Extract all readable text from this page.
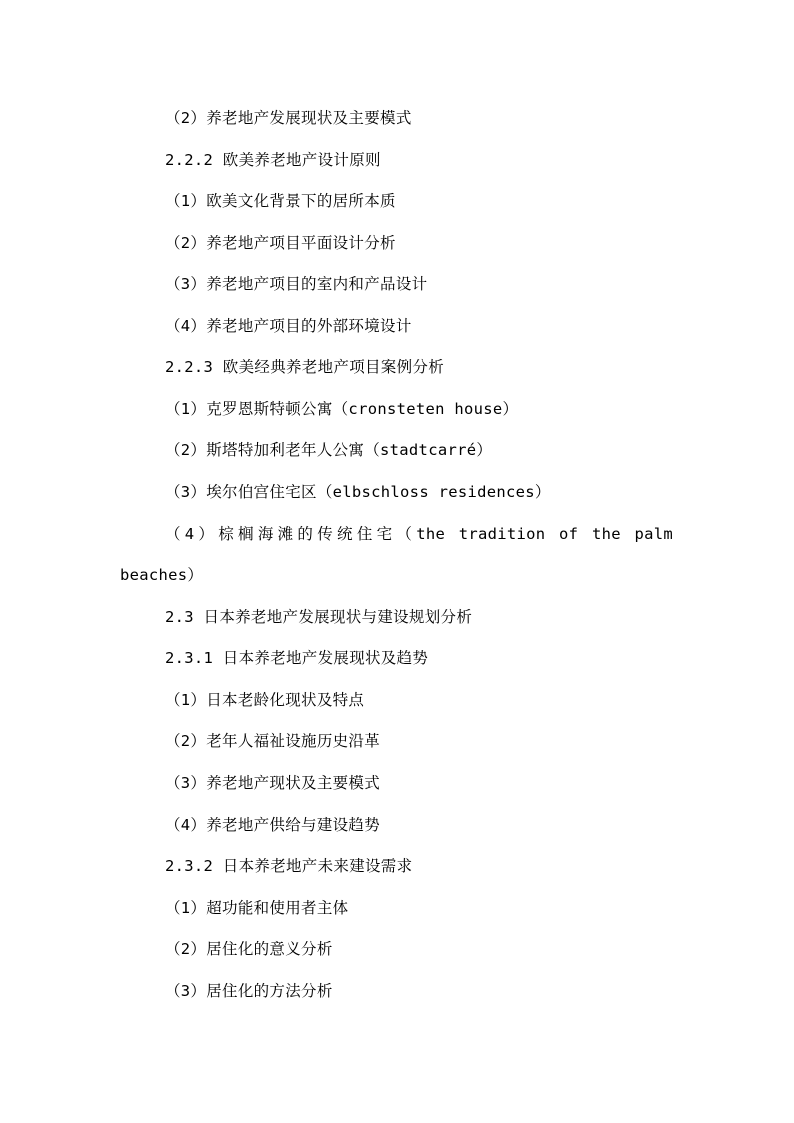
（2）养老地产发展现状及主要模式
2.2.2 欧美养老地产设计原则
（1）欧美文化背景下的居所本质
（2）养老地产项目平面设计分析
（3）养老地产项目的室内和产品设计
（4）养老地产项目的外部环境设计
2.2.3 欧美经典养老地产项目案例分析
（1）克罗恩斯特顿公寓（cronsteten house）
（2）斯塔特加利老年人公寓（stadtcarré）
（3）埃尔伯宫住宅区（elbschloss residences）
（4）棕榈海滩的传统住宅（the tradition of the palm
beaches）
2.3 日本养老地产发展现状与建设规划分析
2.3.1 日本养老地产发展现状及趋势
（1）日本老龄化现状及特点
（2）老年人福祉设施历史沿革
（3）养老地产现状及主要模式
（4）养老地产供给与建设趋势
2.3.2 日本养老地产未来建设需求
（1）超功能和使用者主体
（2）居住化的意义分析
（3）居住化的方法分析
